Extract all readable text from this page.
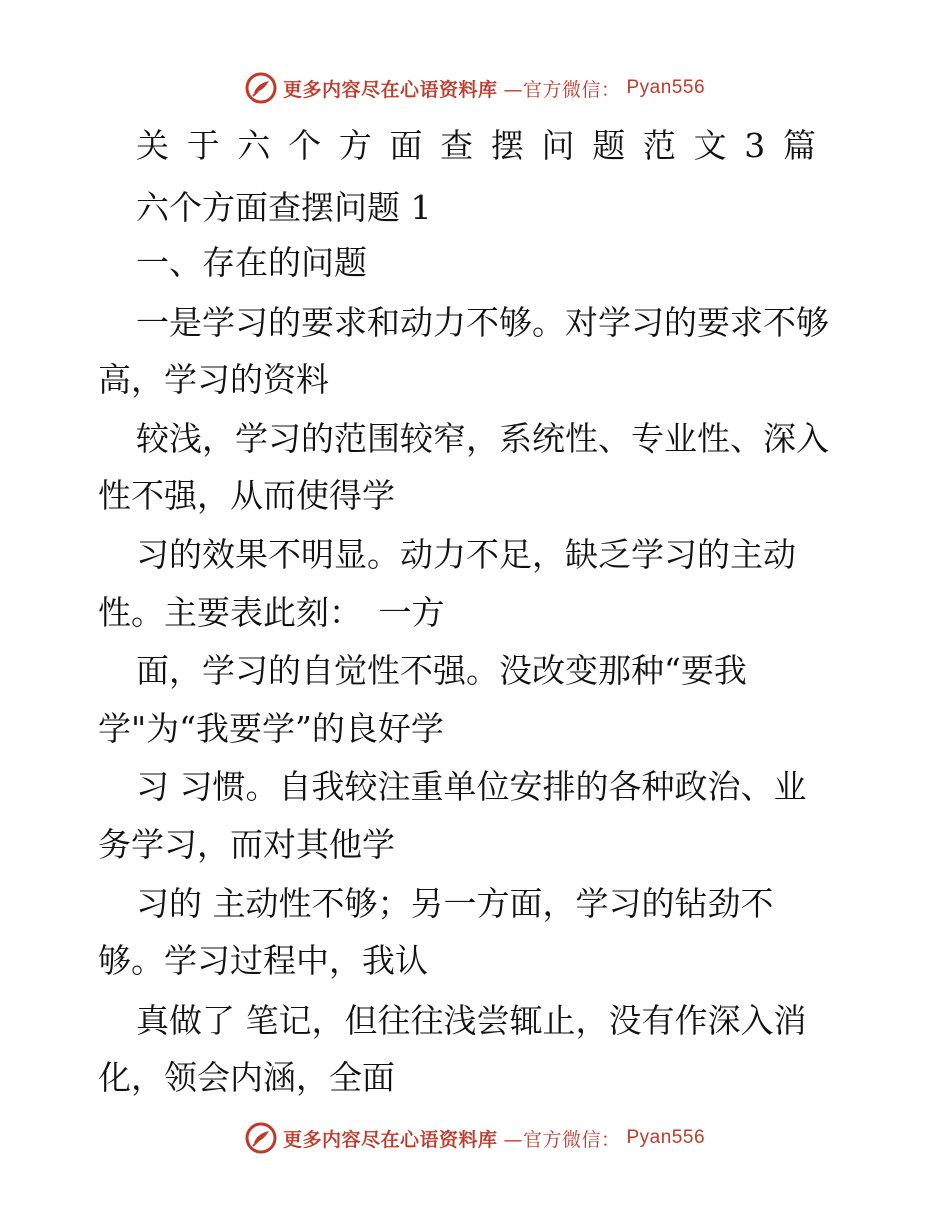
更多内容尽在心语资料库 —官方微信： Pyan556
关 于 六 个 方 面 查 摆 问 题 范 文 3 篇
六个方面查摆问题 1
一、存在的问题
一是学习的要求和动力不够。对学习的要求不够
高，学习的资料
较浅，学习的范围较窄，系统性、专业性、深入
性不强，从而使得学
习的效果不明显。动力不足，缺乏学习的主动
性。主要表此刻：　一方
面，学习的自觉性不强。没改变那种“要我
学"为“我要学”的良好学
习 习惯。自我较注重单位安排的各种政治、业
务学习，而对其他学
习的 主动性不够；另一方面，学习的钻劲不
够。学习过程中，我认
真做了 笔记，但往往浅尝辄止，没有作深入消
化，领会内涵，全面
更多内容尽在心语资料库 —官方微信： Pyan556
